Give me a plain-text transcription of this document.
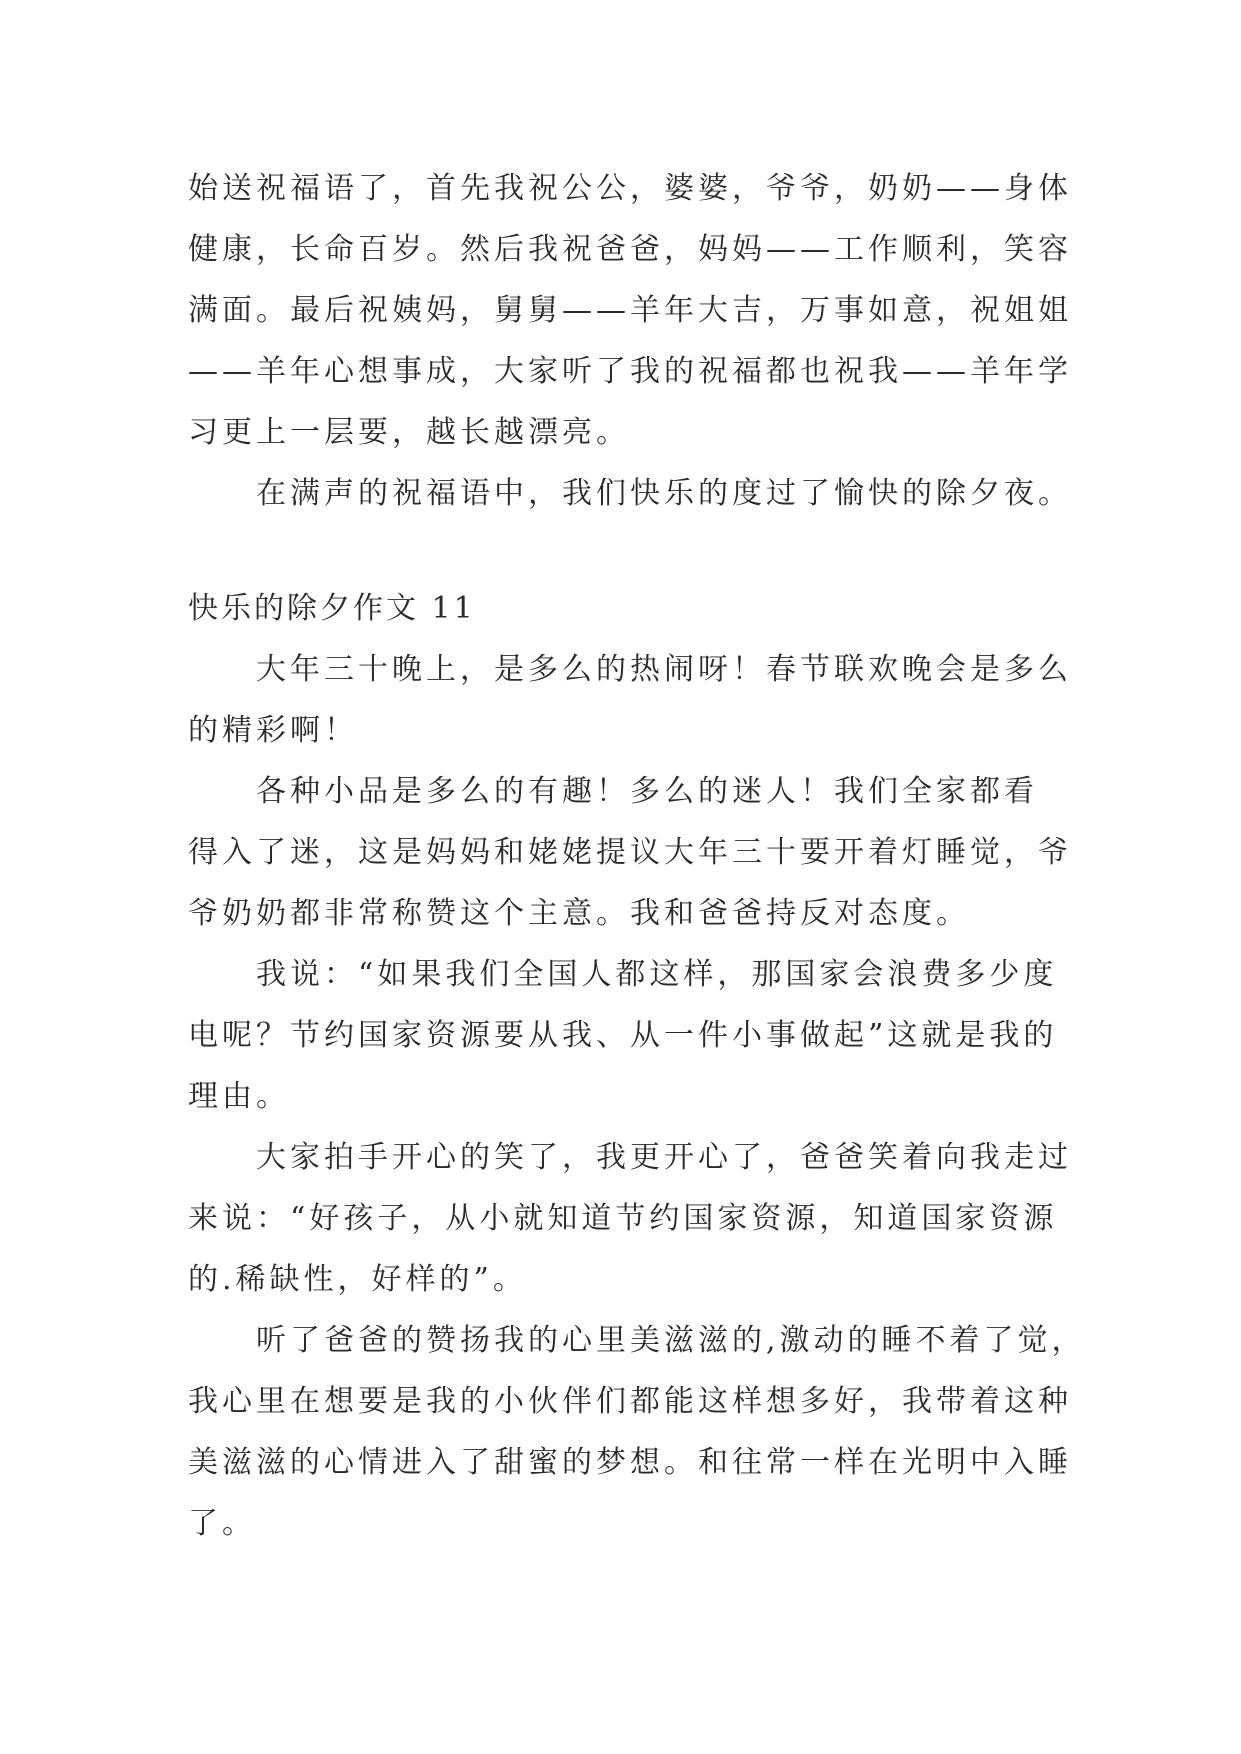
始送祝福语了，首先我祝公公，婆婆，爷爷，奶奶——身体
健康，长命百岁。然后我祝爸爸，妈妈——工作顺利，笑容
满面。最后祝姨妈，舅舅——羊年大吉，万事如意，祝姐姐
——羊年心想事成，大家听了我的祝福都也祝我——羊年学
习更上一层要，越长越漂亮。
在满声的祝福语中，我们快乐的度过了愉快的除夕夜。
快乐的除夕作文 11
大年三十晚上，是多么的热闹呀！春节联欢晚会是多么
的精彩啊！
各种小品是多么的有趣！多么的迷人！我们全家都看
得入了迷，这是妈妈和姥姥提议大年三十要开着灯睡觉，爷
爷奶奶都非常称赞这个主意。我和爸爸持反对态度。
我说：“如果我们全国人都这样，那国家会浪费多少度
电呢？节约国家资源要从我、从一件小事做起”这就是我的
理由。
大家拍手开心的笑了，我更开心了，爸爸笑着向我走过
来说：“好孩子，从小就知道节约国家资源，知道国家资源
的.稀缺性，好样的”。
听了爸爸的赞扬我的心里美滋滋的,激动的睡不着了觉，
我心里在想要是我的小伙伴们都能这样想多好，我带着这种
美滋滋的心情进入了甜蜜的梦想。和往常一样在光明中入睡
了。
